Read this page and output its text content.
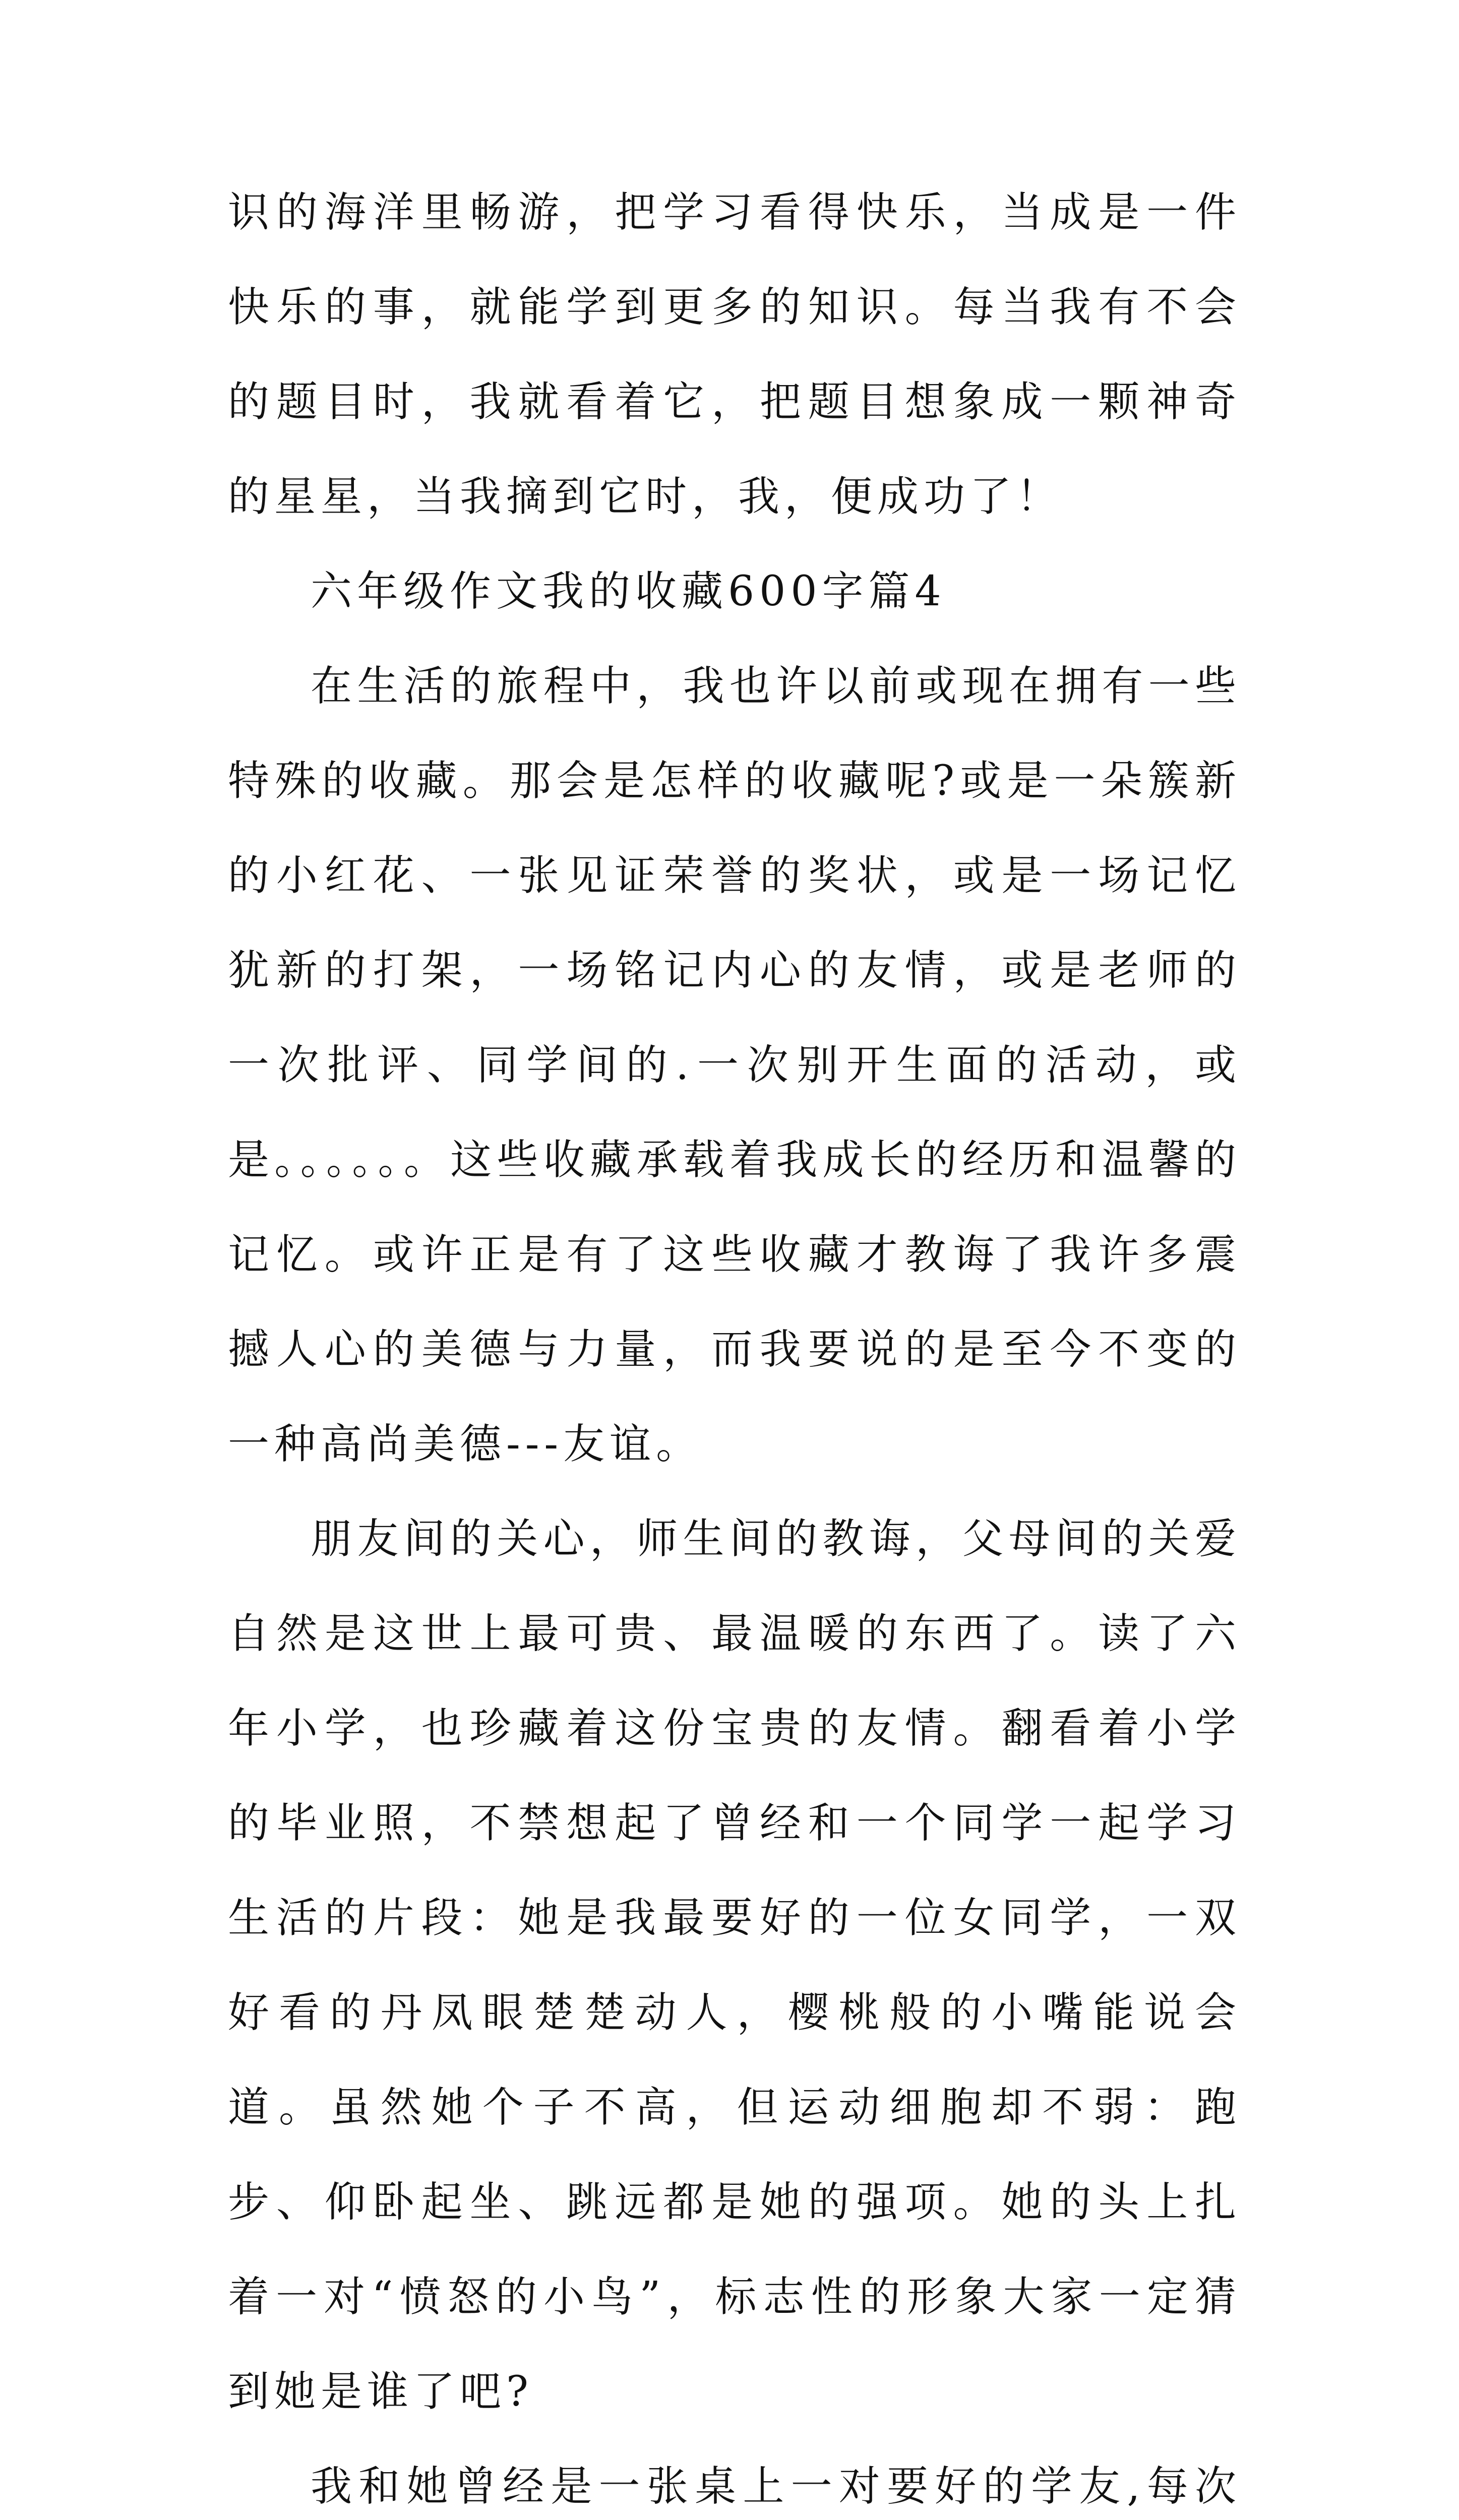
识的海洋里畅游，把学习看得快乐，当成是一件快乐的事，就能学到更多的知识。每当我有不会的题目时，我就看着它，把题目想象成一颗神奇的星星，当我摘到它时，我，便成功了！

六年级作文我的收藏600字篇4

在生活的旅程中，我也许以前或现在拥有一些特殊的收藏。那会是怎样的收藏呢?或是一朵簇新的小红花、一张见证荣誉的奖状，或是一场记忆犹新的打架，一场铭记内心的友情，或是老师的一次批评、同学间的.一次别开生面的活动，或是。。。。。。这些收藏承载着我成长的经历和温馨的记忆。或许正是有了这些收藏才教诲了我许多震撼人心的美德与力量，而我要说的是至今不变的一种高尚美德---友谊。

朋友间的关心，师生间的教诲，父母间的关爱自然是这世上最可贵、最温暖的东西了。读了六年小学，也珍藏着这份宝贵的友情。翻看着小学的毕业照，不禁想起了曾经和一个同学一起学习生活的片段：她是我最要好的一位女同学，一双好看的丹凤眼楚楚动人，樱桃般的小嘴能说会道。虽然她个子不高，但运动细胞却不弱：跑步、仰卧起坐、跳远都是她的强项。她的头上扎着一对“愤怒的小鸟”，标志性的形象大家一定猜到她是谁了吧?

我和她曾经是一张桌上一对要好的学友,每次
